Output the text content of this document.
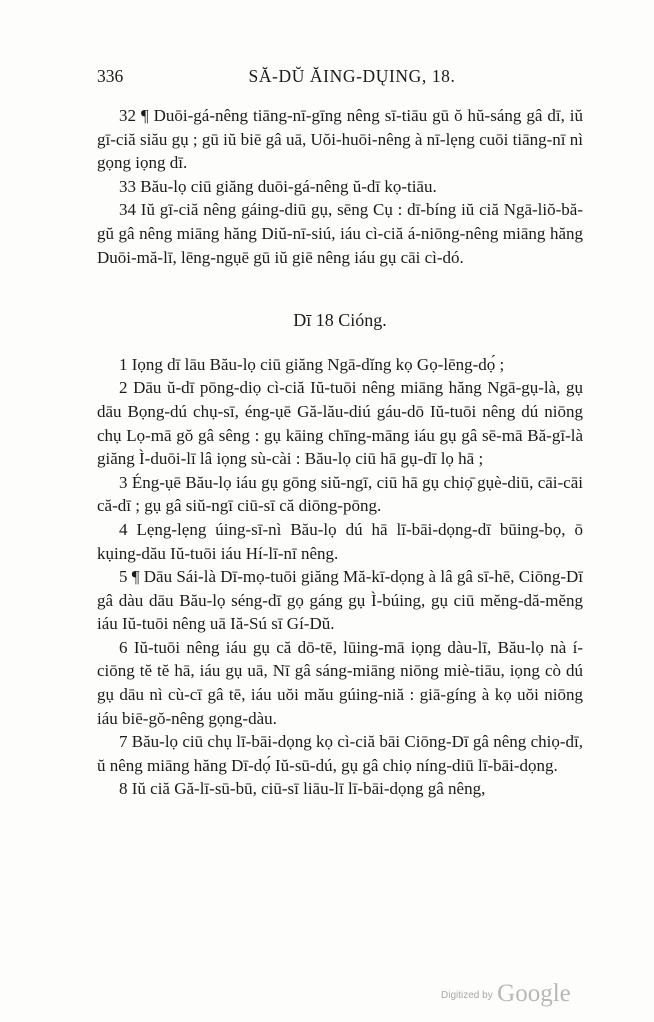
336	SĂ-DŬ ĂING-DŲING, 18.

32 ¶ Duōi-gá-nêng tiāng-nī-gīng nêng sī-tiāu gū ŏ hŭ-sáng gâ dī, iŭ gī-ciă siău gụ ; gū iŭ biē gâ uā, Uŏi-huōi-nêng à nī-lẹng cuōi tiāng-nī nì gọng iọng dī.

33 Bău-lọ ciū giăng duōi-gá-nêng ŭ-dī kọ-tiāu.

34 Iŭ gī-ciă nêng gáing-diū gụ, sēng Cụ : dī-bíng iŭ ciă Ngā-liŏ-bă-gŭ gâ nêng miāng hăng Diŭ-nī-siú, iáu cì-ciă á-niōng-nêng miāng hăng Duōi-mă-lī, lēng-ngụē gū iŭ giē nêng iáu gụ cāi cì-dó.

Dī 18 Cióng.

1 Iọng dī lāu Bău-lọ ciū giăng Ngā-dĭng kọ Gọ-lēng-dọ́ ;

2 Dāu ŭ-dī pōng-diọ cì-ciă Iŭ-tuōi nêng miāng hăng Ngā-gụ-là, gụ dāu Bọng-dú chụ-sī, éng-ụē Gă-lău-diú gáu-dō Iŭ-tuōi nêng dú niōng chụ Lọ-mā gŏ gâ sêng : gụ kāing chīng-māng iáu gụ gâ sē-mā Bă-gī-là giăng Ì-duōi-lī lâ iọng sù-cài : Bău-lọ ciū hā gụ-dī lọ hā ;

3 Éng-ụē Bău-lọ iáu gụ gōng siŭ-ngī, ciū hā gụ chiọ̄ gụè-diū, cāi-cāi că-dī ; gụ gâ siŭ-ngī ciū-sī că diōng-pōng.

4 Lẹng-lẹng úing-sī-nì Bău-lọ dú hā lī-bāi-dọng-dī būing-bọ, ō kụing-dău Iŭ-tuōi iáu Hí-lī-nī nêng.

5 ¶ Dāu Sái-là Dī-mọ-tuōi giăng Mă-kī-dọng à lâ gâ sī-hē, Ciōng-Dī gâ dàu dāu Bău-lọ séng-dī gọ gáng gụ Ì-búing, gụ ciū mĕng-dă-mĕng iáu Iŭ-tuōi nêng uā Iă-Sú sī Gí-Dŭ.

6 Iŭ-tuōi nêng iáu gụ că dō-tē, lūing-mā iọng dàu-lī, Bău-lọ nà í-ciōng tĕ tĕ hā, iáu gụ uā, Nī gâ sáng-miāng niōng miè-tiāu, iọng cò dú gụ dāu nì cù-cī gâ tē, iáu uŏi mău gúing-niă : giā-gíng à kọ uŏi niōng iáu biē-gŏ-nêng gọng-dàu.

7 Bău-lọ ciū chụ lī-bāi-dọng kọ cì-ciă bāi Ciōng-Dī gâ nêng chiọ-dī, ŭ nêng miāng hăng Dī-dọ́ Iŭ-sū-dú, gụ gâ chiọ níng-diū lī-bāi-dọng.

8 Iŭ ciă Gă-lī-sū-bū, ciū-sī liāu-lī lī-bāi-dọng gâ nêng,

Digitized by Google
